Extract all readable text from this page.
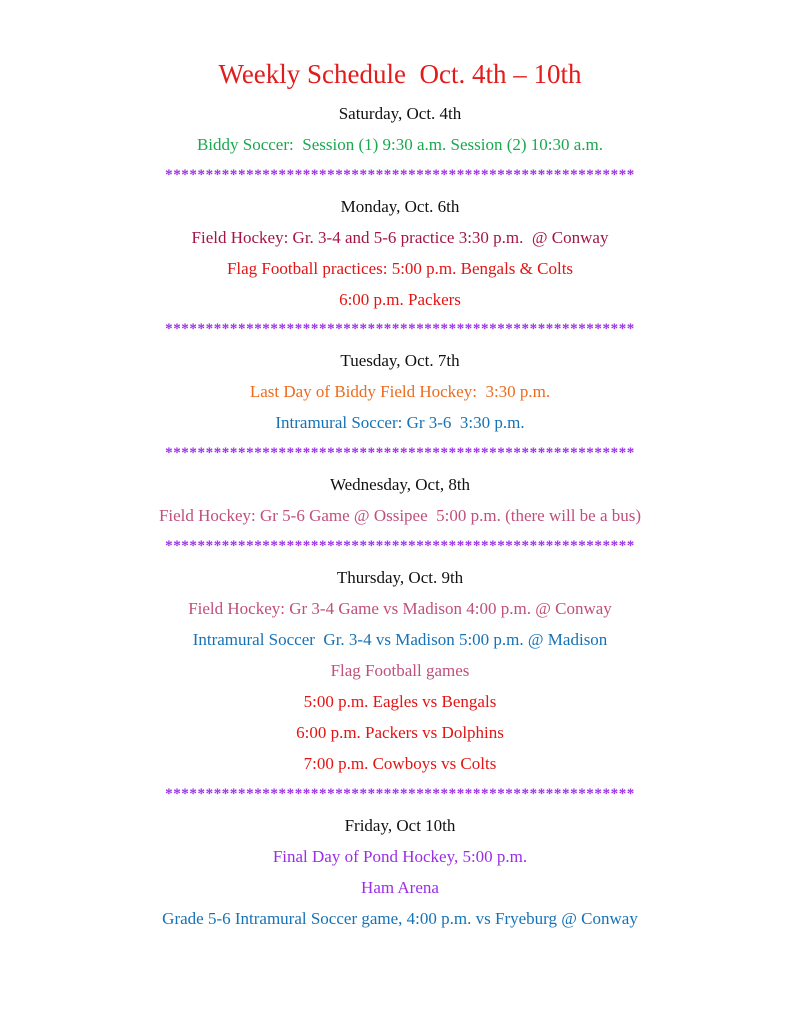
Weekly Schedule  Oct. 4th – 10th
Saturday, Oct. 4th
Biddy Soccer:  Session (1) 9:30 a.m. Session (2) 10:30 a.m.
**********************************************************
Monday, Oct. 6th
Field Hockey: Gr. 3-4 and 5-6 practice 3:30 p.m.  @ Conway
Flag Football practices: 5:00 p.m. Bengals & Colts
6:00 p.m. Packers
**********************************************************
Tuesday, Oct. 7th
Last Day of Biddy Field Hockey:  3:30 p.m.
Intramural Soccer: Gr 3-6  3:30 p.m.
**********************************************************
Wednesday, Oct, 8th
Field Hockey: Gr 5-6 Game @ Ossipee  5:00 p.m. (there will be a bus)
**********************************************************
Thursday, Oct. 9th
Field Hockey: Gr 3-4 Game vs Madison 4:00 p.m. @ Conway
Intramural Soccer  Gr. 3-4 vs Madison 5:00 p.m. @ Madison
Flag Football games
5:00 p.m. Eagles vs Bengals
6:00 p.m. Packers vs Dolphins
7:00 p.m. Cowboys vs Colts
**********************************************************
Friday, Oct 10th
Final Day of Pond Hockey, 5:00 p.m.
Ham Arena
Grade 5-6 Intramural Soccer game, 4:00 p.m. vs Fryeburg @ Conway
